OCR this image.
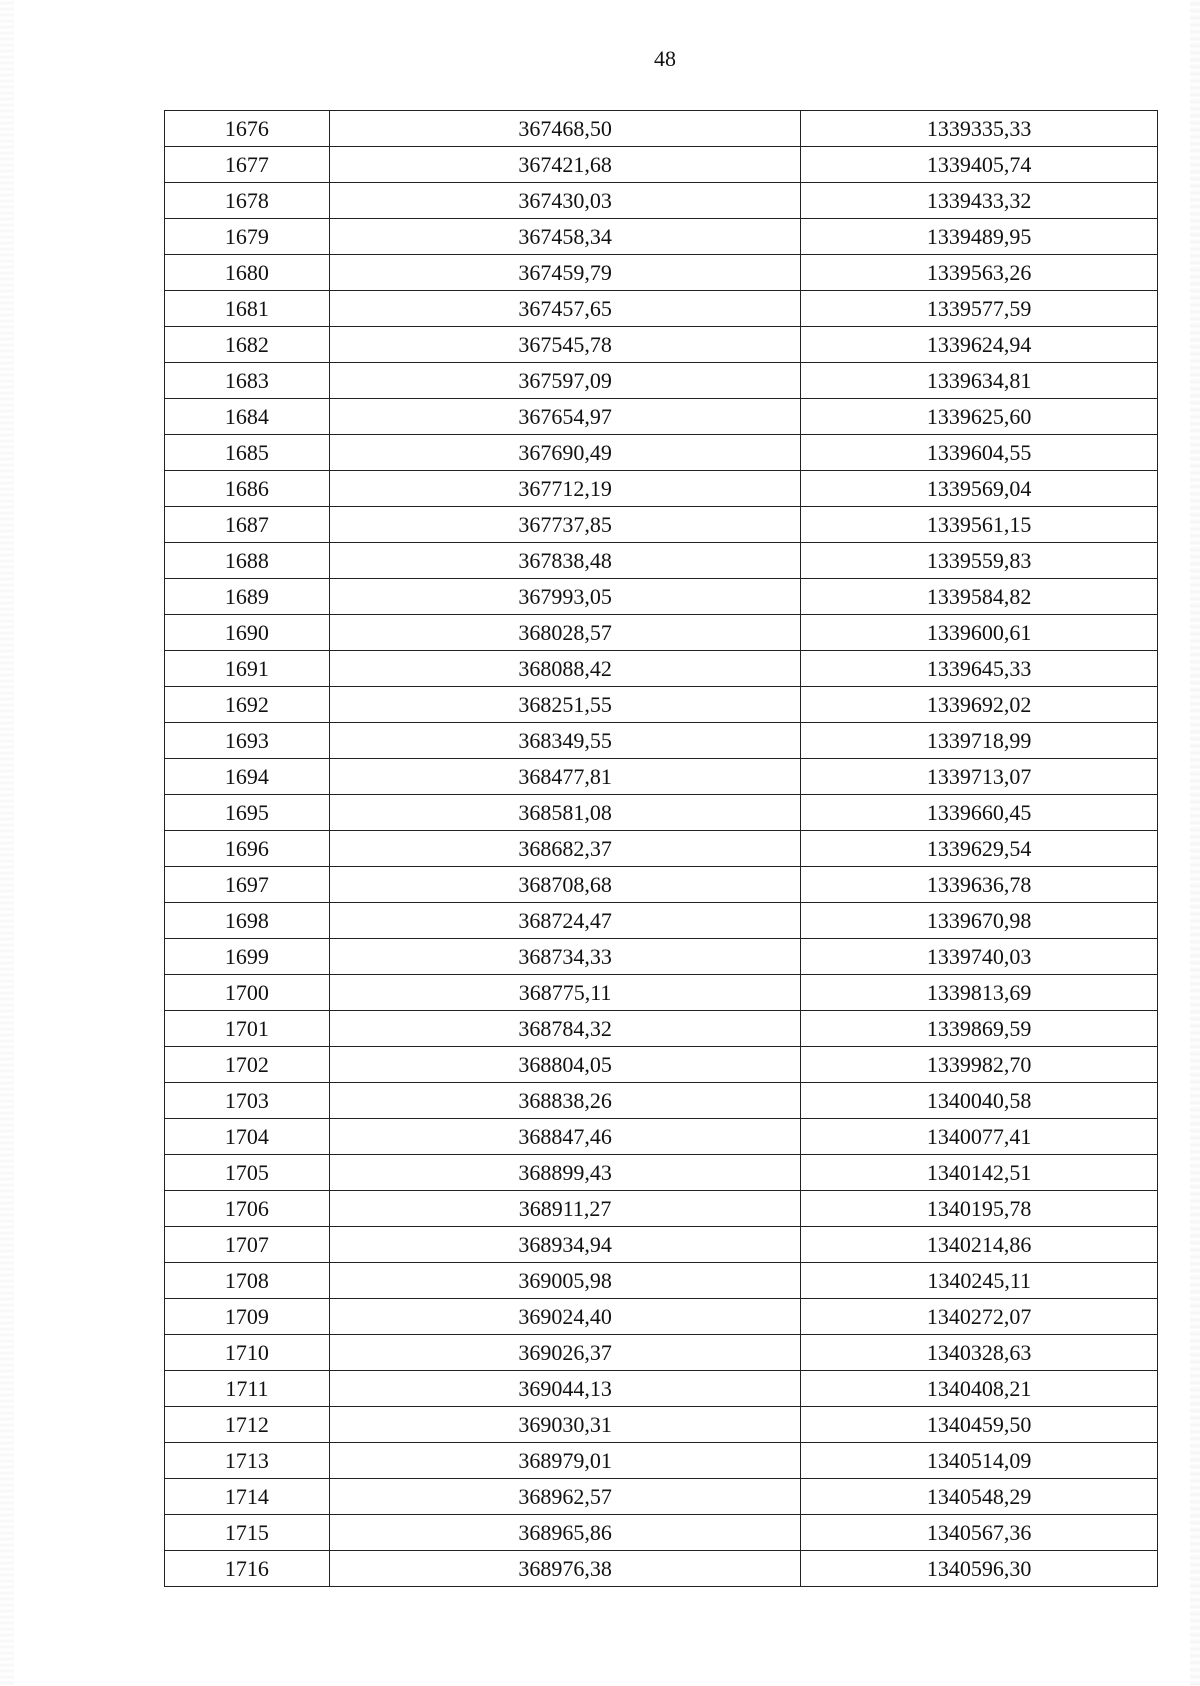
48
1676	367468,50	1339335,33
1677	367421,68	1339405,74
1678	367430,03	1339433,32
1679	367458,34	1339489,95
1680	367459,79	1339563,26
1681	367457,65	1339577,59
1682	367545,78	1339624,94
1683	367597,09	1339634,81
1684	367654,97	1339625,60
1685	367690,49	1339604,55
1686	367712,19	1339569,04
1687	367737,85	1339561,15
1688	367838,48	1339559,83
1689	367993,05	1339584,82
1690	368028,57	1339600,61
1691	368088,42	1339645,33
1692	368251,55	1339692,02
1693	368349,55	1339718,99
1694	368477,81	1339713,07
1695	368581,08	1339660,45
1696	368682,37	1339629,54
1697	368708,68	1339636,78
1698	368724,47	1339670,98
1699	368734,33	1339740,03
1700	368775,11	1339813,69
1701	368784,32	1339869,59
1702	368804,05	1339982,70
1703	368838,26	1340040,58
1704	368847,46	1340077,41
1705	368899,43	1340142,51
1706	368911,27	1340195,78
1707	368934,94	1340214,86
1708	369005,98	1340245,11
1709	369024,40	1340272,07
1710	369026,37	1340328,63
1711	369044,13	1340408,21
1712	369030,31	1340459,50
1713	368979,01	1340514,09
1714	368962,57	1340548,29
1715	368965,86	1340567,36
1716	368976,38	1340596,30
